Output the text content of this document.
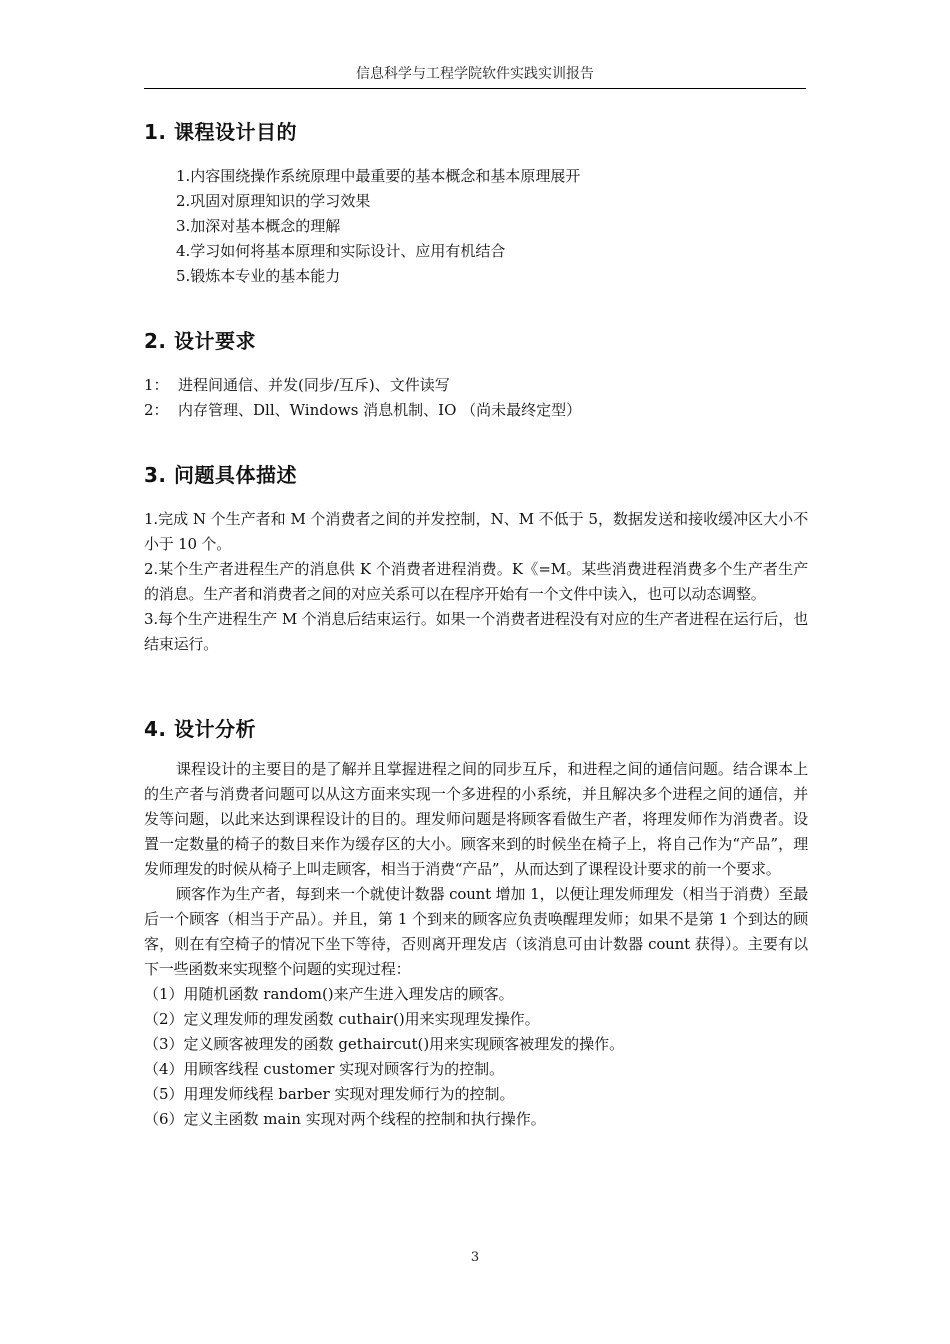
信息科学与工程学院软件实践实训报告
1. 课程设计目的
1.内容围绕操作系统原理中最重要的基本概念和基本原理展开
2.巩固对原理知识的学习效果
3.加深对基本概念的理解
4.学习如何将基本原理和实际设计、应用有机结合
5.锻炼本专业的基本能力
2. 设计要求
1： 进程间通信、并发(同步/互斥)、文件读写
2： 内存管理、Dll、Windows 消息机制、IO （尚未最终定型）
3. 问题具体描述

1.完成 N 个生产者和 M 个消费者之间的并发控制，N、M 不低于 5，数据发送和接收缓冲区大小不小于 10 个。

2.某个生产者进程生产的消息供 K 个消费者进程消费。K《=M。某些消费进程消费多个生产者生产的消息。生产者和消费者之间的对应关系可以在程序开始有一个文件中读入，也可以动态调整。

3.每个生产进程生产 M 个消息后结束运行。如果一个消费者进程没有对应的生产者进程在运行后，也结束运行。

4. 设计分析

课程设计的主要目的是了解并且掌握进程之间的同步互斥，和进程之间的通信问题。结合课本上的生产者与消费者问题可以从这方面来实现一个多进程的小系统，并且解决多个进程之间的通信，并发等问题，以此来达到课程设计的目的。理发师问题是将顾客看做生产者，将理发师作为消费者。设置一定数量的椅子的数目来作为缓存区的大小。顾客来到的时候坐在椅子上，将自己作为“产品”，理发师理发的时候从椅子上叫走顾客，相当于消费“产品”，从而达到了课程设计要求的前一个要求。

顾客作为生产者，每到来一个就使计数器 count 增加 1，以便让理发师理发（相当于消费）至最后一个顾客（相当于产品）。并且，第 1 个到来的顾客应负责唤醒理发师；如果不是第 1 个到达的顾客，则在有空椅子的情况下坐下等待，否则离开理发店（该消息可由计数器 count 获得）。主要有以下一些函数来实现整个问题的实现过程：

（1）用随机函数 random()来产生进入理发店的顾客。
（2）定义理发师的理发函数 cuthair()用来实现理发操作。
（3）定义顾客被理发的函数 gethaircut()用来实现顾客被理发的操作。
（4）用顾客线程 customer 实现对顾客行为的控制。
（5）用理发师线程 barber 实现对理发师行为的控制。
（6）定义主函数 main 实现对两个线程的控制和执行操作。
3
